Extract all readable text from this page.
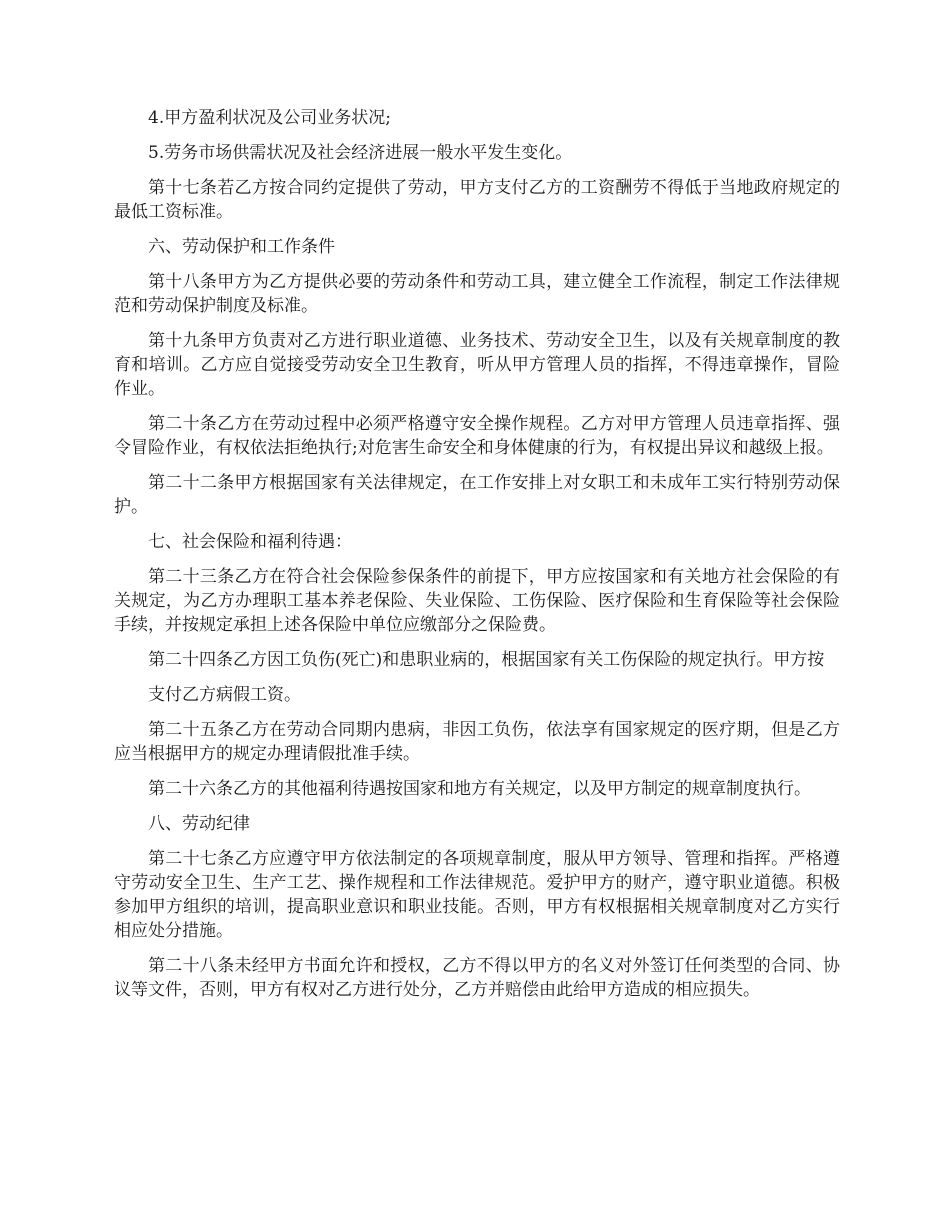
4.甲方盈利状况及公司业务状况;

5.劳务市场供需状况及社会经济进展一般水平发生变化。

第十七条若乙方按合同约定提供了劳动，甲方支付乙方的工资酬劳不得低于当地政府规定的最低工资标准。

六、劳动保护和工作条件

第十八条甲方为乙方提供必要的劳动条件和劳动工具，建立健全工作流程，制定工作法律规范和劳动保护制度及标准。

第十九条甲方负责对乙方进行职业道德、业务技术、劳动安全卫生，以及有关规章制度的教育和培训。乙方应自觉接受劳动安全卫生教育，听从甲方管理人员的指挥，不得违章操作，冒险作业。

第二十条乙方在劳动过程中必须严格遵守安全操作规程。乙方对甲方管理人员违章指挥、强令冒险作业，有权依法拒绝执行;对危害生命安全和身体健康的行为，有权提出异议和越级上报。

第二十二条甲方根据国家有关法律规定，在工作安排上对女职工和未成年工实行特别劳动保护。

七、社会保险和福利待遇：

第二十三条乙方在符合社会保险参保条件的前提下，甲方应按国家和有关地方社会保险的有关规定，为乙方办理职工基本养老保险、失业保险、工伤保险、医疗保险和生育保险等社会保险手续，并按规定承担上述各保险中单位应缴部分之保险费。

第二十四条乙方因工负伤(死亡)和患职业病的，根据国家有关工伤保险的规定执行。甲方按

支付乙方病假工资。

第二十五条乙方在劳动合同期内患病，非因工负伤，依法享有国家规定的医疗期，但是乙方应当根据甲方的规定办理请假批准手续。

第二十六条乙方的其他福利待遇按国家和地方有关规定，以及甲方制定的规章制度执行。

八、劳动纪律

第二十七条乙方应遵守甲方依法制定的各项规章制度，服从甲方领导、管理和指挥。严格遵守劳动安全卫生、生产工艺、操作规程和工作法律规范。爱护甲方的财产，遵守职业道德。积极参加甲方组织的培训，提高职业意识和职业技能。否则，甲方有权根据相关规章制度对乙方实行相应处分措施。

第二十八条未经甲方书面允许和授权，乙方不得以甲方的名义对外签订任何类型的合同、协议等文件，否则，甲方有权对乙方进行处分，乙方并赔偿由此给甲方造成的相应损失。
